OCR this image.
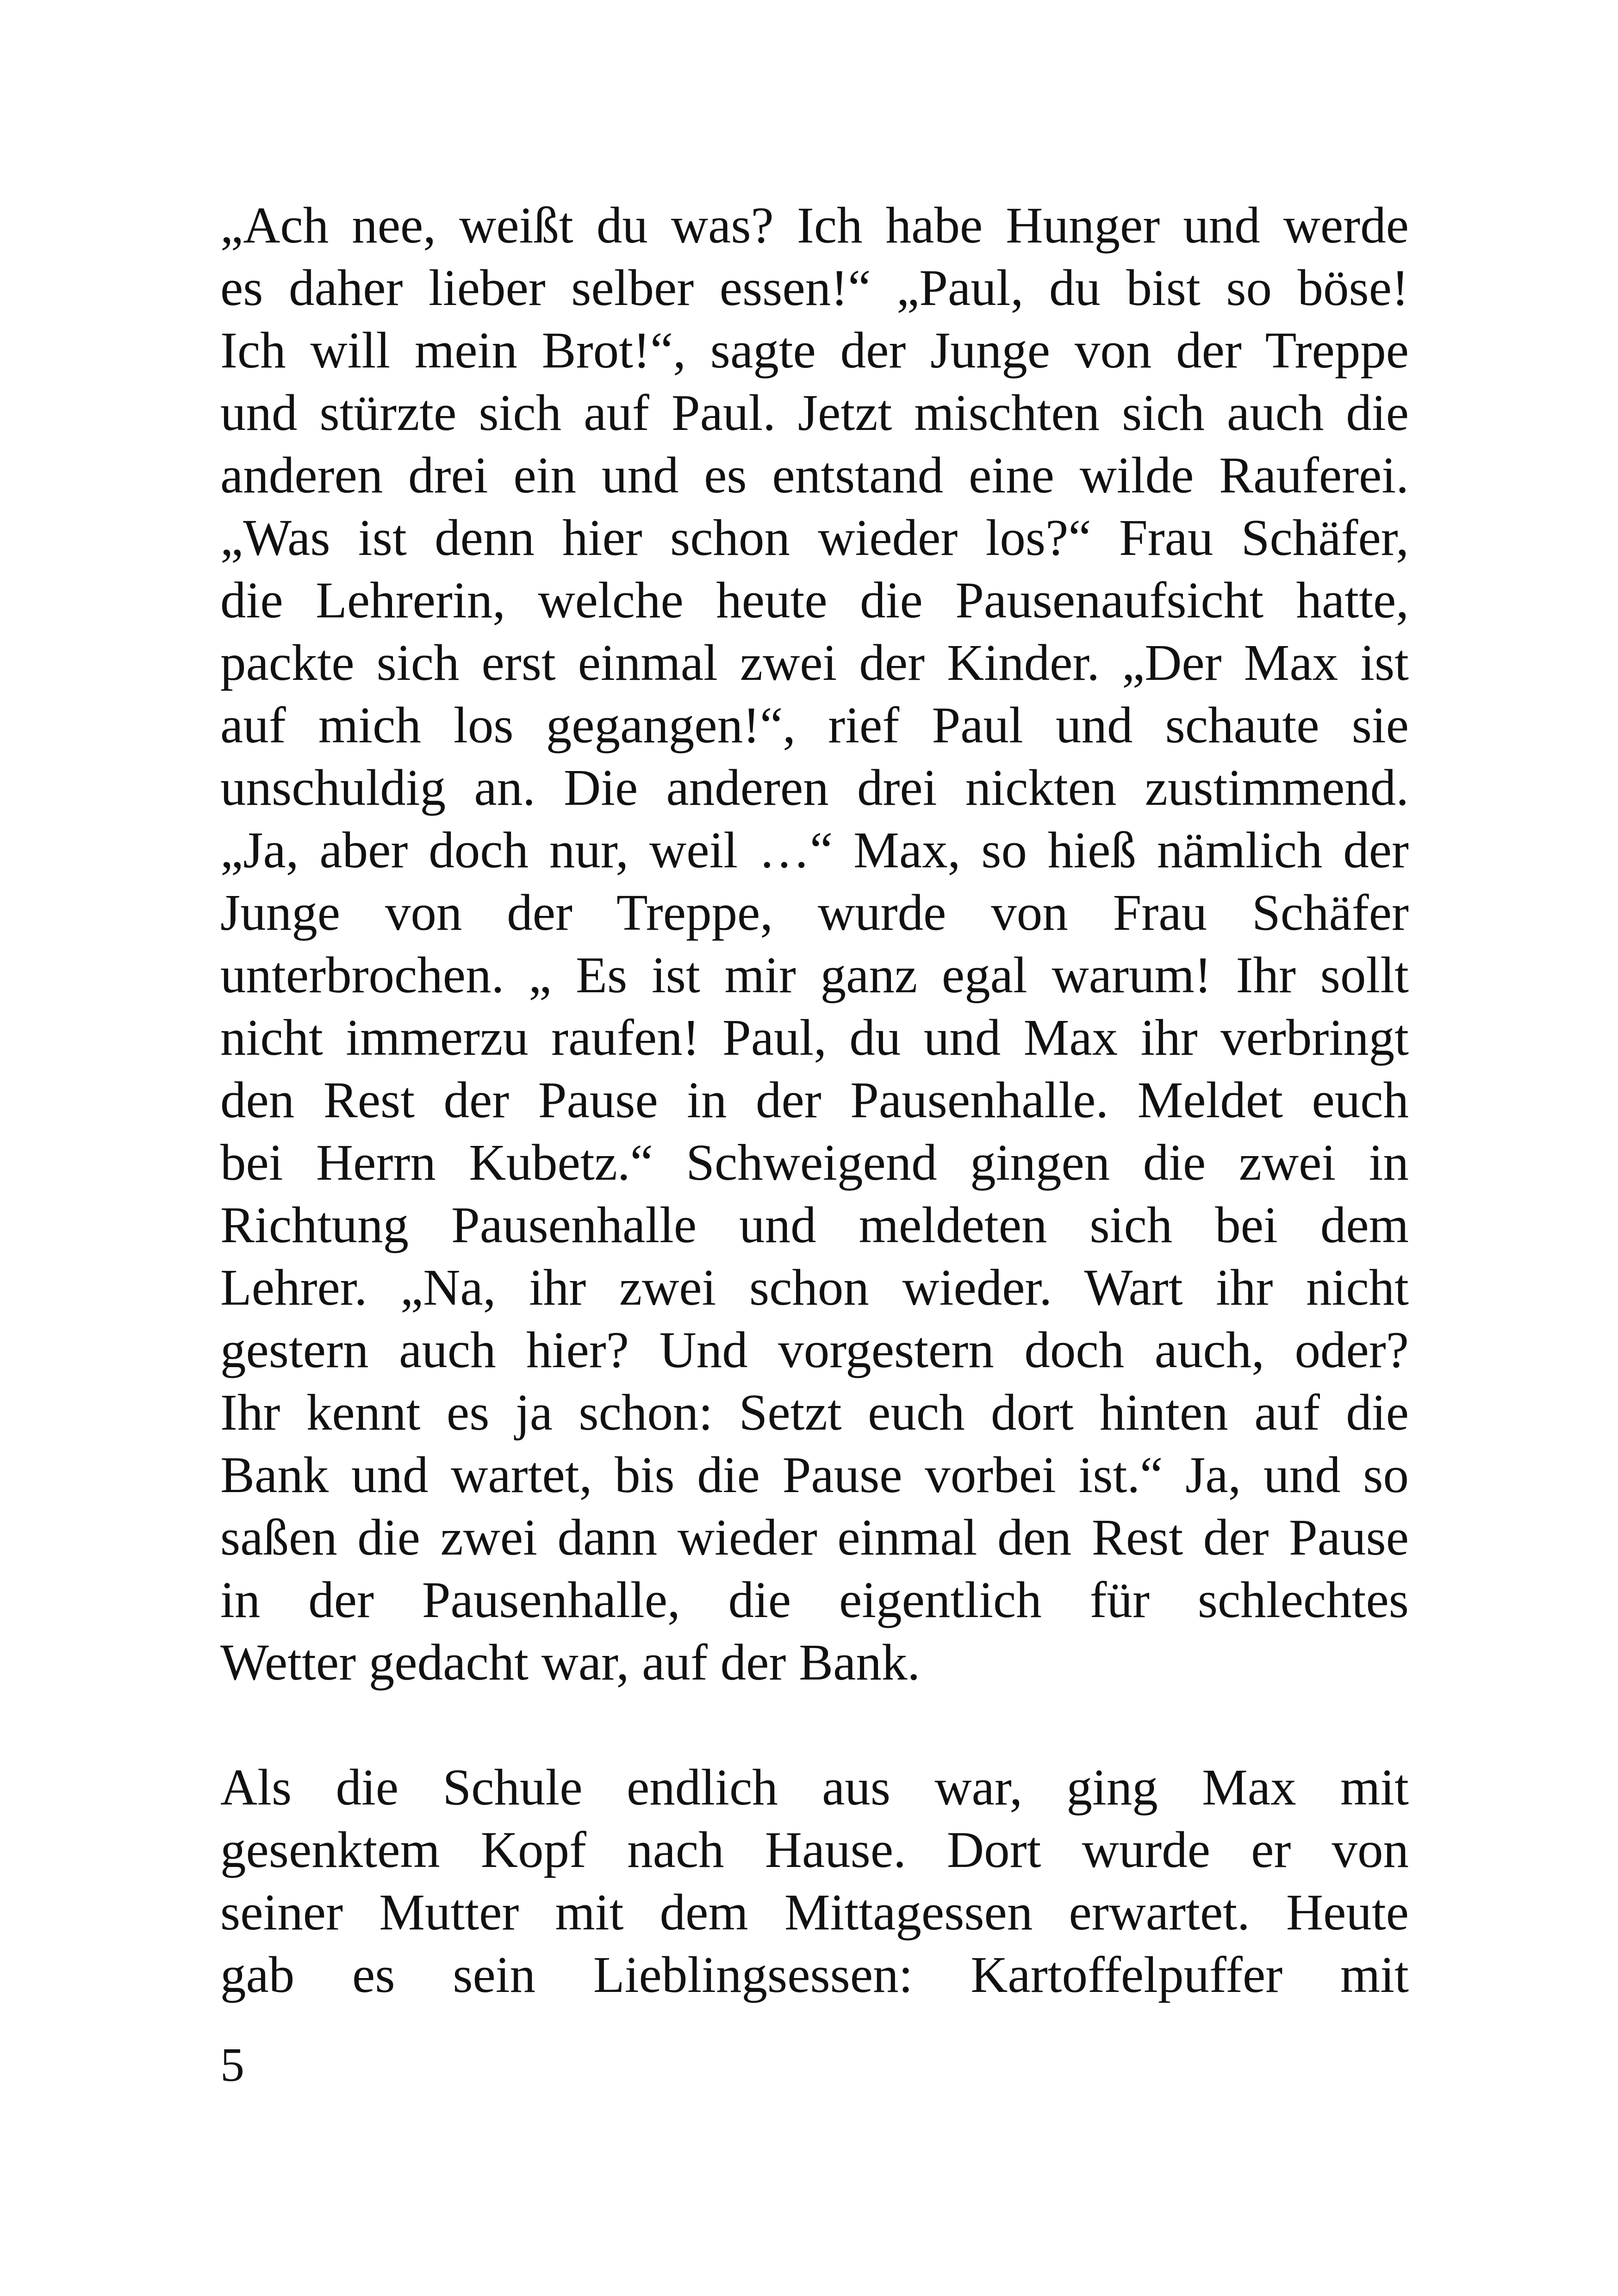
„Ach nee, weißt du was? Ich habe Hunger und werde
es daher lieber selber essen!“ „Paul, du bist so böse!
Ich will mein Brot!“, sagte der Junge von der Treppe
und stürzte sich auf Paul. Jetzt mischten sich auch die
anderen drei ein und es entstand eine wilde Rauferei.
„Was ist denn hier schon wieder los?“ Frau Schäfer,
die Lehrerin, welche heute die Pausenaufsicht hatte,
packte sich erst einmal zwei der Kinder. „Der Max ist
auf mich los gegangen!“, rief Paul und schaute sie
unschuldig an. Die anderen drei nickten zustimmend.
„Ja, aber doch nur, weil …“ Max, so hieß nämlich der
Junge von der Treppe, wurde von Frau Schäfer
unterbrochen. „ Es ist mir ganz egal warum! Ihr sollt
nicht immerzu raufen! Paul, du und Max ihr verbringt
den Rest der Pause in der Pausenhalle. Meldet euch
bei Herrn Kubetz.“ Schweigend gingen die zwei in
Richtung Pausenhalle und meldeten sich bei dem
Lehrer. „Na, ihr zwei schon wieder. Wart ihr nicht
gestern auch hier? Und vorgestern doch auch, oder?
Ihr kennt es ja schon: Setzt euch dort hinten auf die
Bank und wartet, bis die Pause vorbei ist.“ Ja, und so
saßen die zwei dann wieder einmal den Rest der Pause
in der Pausenhalle, die eigentlich für schlechtes
Wetter gedacht war, auf der Bank.
Als die Schule endlich aus war, ging Max mit
gesenktem Kopf nach Hause. Dort wurde er von
seiner Mutter mit dem Mittagessen erwartet. Heute
gab es sein Lieblingsessen: Kartoffelpuffer mit
5
